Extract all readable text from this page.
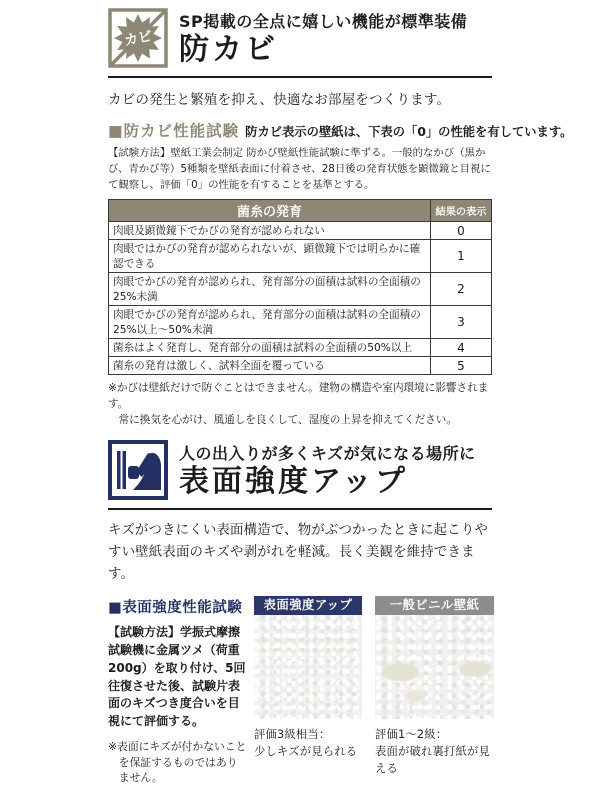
カビ
SP掲載の全点に嬉しい機能が標準装備
防カビ

カビの発生と繁殖を抑え、快適なお部屋をつくります。

■防カビ性能試験 防カビ表示の壁紙は、下表の「0」の性能を有しています。

【試験方法】壁紙工業会制定 防かび壁紙性能試験に準ずる。一般的なかび（黒かび、青かび等）5種類を壁紙表面に付着させ、28日後の発育状態を顕微鏡と目視にて観察し、評価「0」の性能を有することを基準とする。

菌糸の発育	結果の表示
肉眼及顕微鏡下でかびの発育が認められない	0
肉眼ではかびの発育が認められないが、顕微鏡下では明らかに確認できる	1
肉眼でかびの発育が認められ、発育部分の面積は試料の全面積の25%未満	2
肉眼でかびの発育が認められ、発育部分の面積は試料の全面積の25%以上～50%未満	3
菌糸はよく発育し、発育部分の面積は試料の全面積の50%以上	4
菌糸の発育は激しく、試料全面を覆っている	5

※かびは壁紙だけで防ぐことはできません。建物の構造や室内環境に影響されます。
常に換気を心がけ、風通しを良くして、湿度の上昇を抑えてください。

人の出入りが多くキズが気になる場所に
表面強度アップ

キズがつきにくい表面構造で、物がぶつかったときに起こりやすい壁紙表面のキズや剥がれを軽減。長く美観を維持できます。

■表面強度性能試験
【試験方法】学振式摩擦試験機に金属ツメ（荷重200g）を取り付け、5回往復させた後、試験片表面のキズつき度合いを目視にて評価する。
※表面にキズが付かないことを保証するものではありません。
表面強度アップ
評価3級相当：
少しキズが見られる
一般ビニル壁紙
評価1～2級：
表面が破れ裏打紙が見える
